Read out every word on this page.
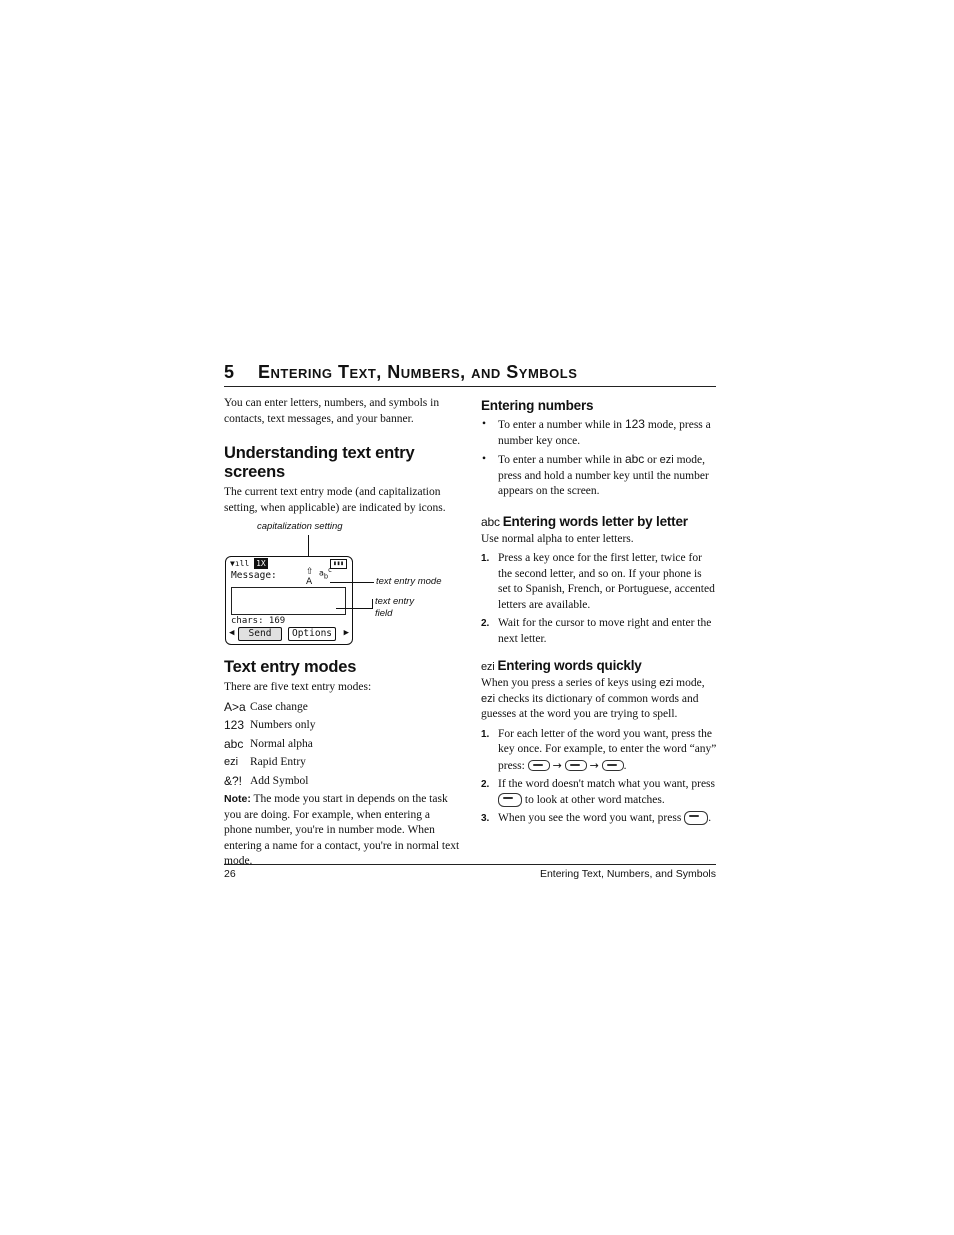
5 Entering Text, Numbers, and Symbols

You can enter letters, numbers, and symbols in contacts, text messages, and your banner.

Understanding text entry screens

The current text entry mode (and capitalization setting, when applicable) are indicated by icons.

capitalization setting
▼ıll 1X	▮▮▮
Message:	⇧
A
$a_b^c$
chars: 169
◀	Send	Options	▶
text entry mode
text entry
field
Text entry modes

There are five text entry modes:

A>a Case change
123 Numbers only
abc Normal alpha
ezi	Rapid Entry
&?! Add Symbol

Note: The mode you start in depends on the task you are doing. For example, when entering a phone number, you're in number mode. When entering a name for a contact, you're in normal text mode.

Entering numbers
• To enter a number while in 123 mode, press a number key once.
• To enter a number while in abc or ezi mode, press and hold a number key until the number appears on the screen.
abc Entering words letter by letter

Use normal alpha to enter letters.

1. Press a key once for the first letter, twice for the second letter, and so on. If your phone is set to Spanish, French, or Portuguese, accented letters are available.
2. Wait for the cursor to move right and enter the next letter.
ezi Entering words quickly

When you press a series of keys using ezi mode, ezi checks its dictionary of common words and guesses at the word you are trying to spell.

1. For each letter of the word you want, press the key once. For example, to enter the word “any” press:	→	→ .
2. If the word doesn't match what you want, press  to look at other word matches.
3. When you see the word you want, press .
26	Entering Text, Numbers, and Symbols
